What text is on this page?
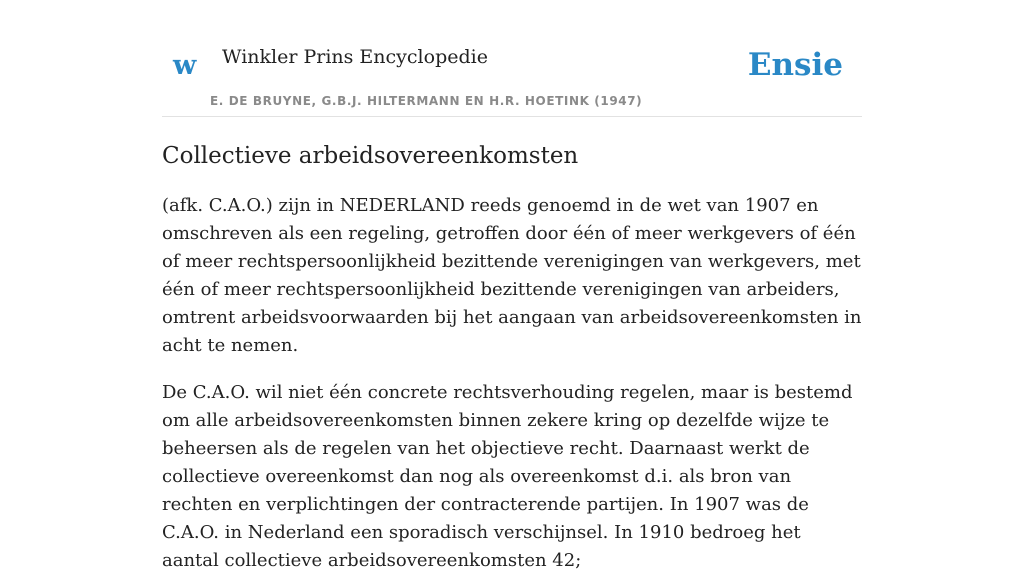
w Winkler Prins Encyclopedie
E. DE BRUYNE, G.B.J. HILTERMANN EN H.R. HOETINK (1947)
Ensie
Collectieve arbeidsovereenkomsten

(afk. C.A.O.) zijn in NEDERLAND reeds genoemd in de wet van 1907 en omschreven als een regeling, getroffen door één of meer werkgevers of één of meer rechtspersoonlijkheid bezittende verenigingen van werkgevers, met één of meer rechtspersoonlijkheid bezittende verenigingen van arbeiders, omtrent arbeidsvoorwaarden bij het aangaan van arbeidsovereenkomsten in acht te nemen.

De C.A.O. wil niet één concrete rechtsverhouding regelen, maar is bestemd om alle arbeidsovereenkomsten binnen zekere kring op dezelfde wijze te beheersen als de regelen van het objectieve recht. Daarnaast werkt de collectieve overeenkomst dan nog als overeenkomst d.i. als bron van rechten en verplichtingen der contracterende partijen. In 1907 was de C.A.O. in Nederland een sporadisch verschijnsel. In 1910 bedroeg het aantal collectieve arbeidsovereenkomsten 42;
